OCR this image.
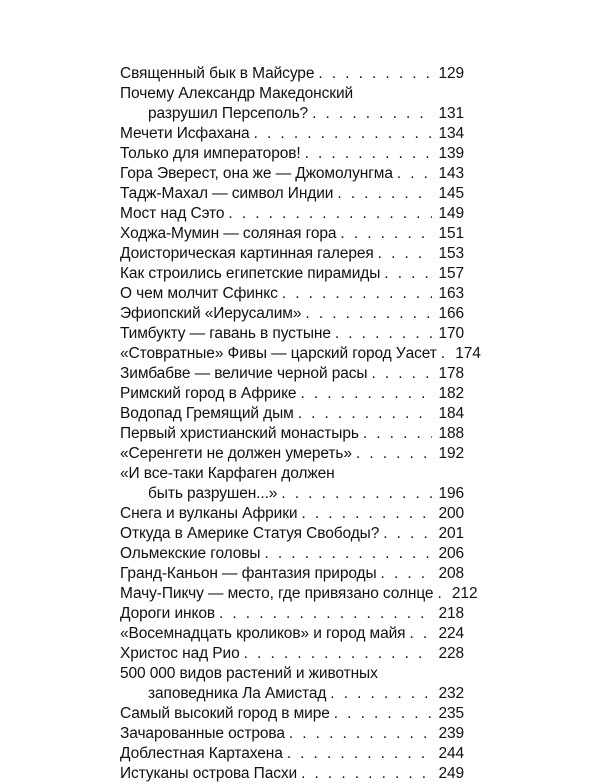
Священный бык в Майсуре . . .	129
Почему Александр Македонский
разрушил Персеполь? . . .	131
Мечети Исфахана . . .	134
Только для императоров! . . .	139
Гора Эверест, она же — Джомолунгма . . .	143
Тадж-Махал — символ Индии . . .	145
Мост над Сэто . . .	149
Ходжа-Мумин — соляная гора . . .	151
Доисторическая картинная галерея . . .	153
Как строились египетские пирамиды . . .	157
О чем молчит Сфинкс . . .	163
Эфиопский «Иерусалим» . . .	166
Тимбукту — гавань в пустыне . . .	170
«Стовратные» Фивы — царский город Уасет . . . 174
Зимбабве — величие черной расы . . .	178
Римский город в Африке . . .	182
Водопад Гремящий дым . . .	184
Первый христианский монастырь . . .	188
«Серенгети не должен умереть» . . .	192
«И все-таки Карфаген должен
быть разрушен...» . . .	196
Снега и вулканы Африки . . .	200
Откуда в Америке Статуя Свободы? . . .	201
Ольмекские головы . . .	206
Гранд-Каньон — фантазия природы . . .	208
Мачу-Пикчу — место, где привязано солнце . . . 212
Дороги инков . . .	218
«Восемнадцать кроликов» и город майя . . . 224
Христос над Рио . . .	228
500 000 видов растений и животных
заповедника Ла Амистад . . .	232
Самый высокий город в мире . . .	235
Зачарованные острова . . .	239
Доблестная Картахена . . .	244
Истуканы острова Пасхи . . .	249
